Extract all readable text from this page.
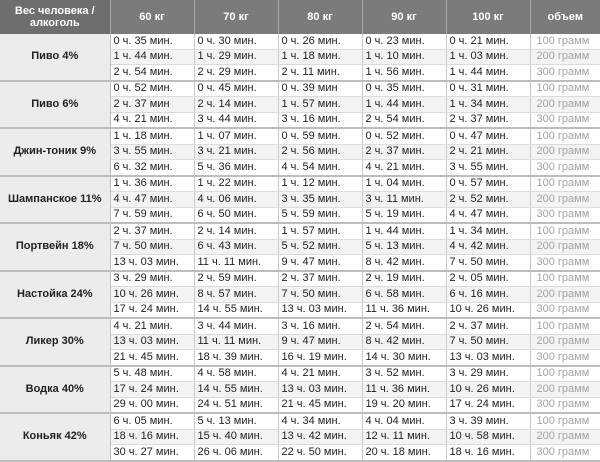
Вес человека / алкоголь	60 кг	70 кг	80 кг	90 кг	100 кг	объем
Пиво 4%	0 ч. 35 мин.	0 ч. 30 мин.	0 ч. 26 мин.	0 ч. 23 мин.	0 ч. 21 мин.	100 грамм
	1 ч. 44 мин.	1 ч. 29 мин.	1 ч. 18 мин.	1 ч. 10 мин.	1 ч. 03 мин.	200 грамм
	2 ч. 54 мин.	2 ч. 29 мин.	2 ч. 11 мин.	1 ч. 56 мин.	1 ч. 44 мин.	300 грамм
Пиво 6%	0 ч. 52 мин.	0 ч. 45 мин.	0 ч. 39 мин	0 ч. 35 мин.	0 ч. 31 мин.	100 грамм
	2 ч. 37 мин	2 ч. 14 мин.	1 ч. 57 мин.	1 ч. 44 мин.	1 ч. 34 мин.	200 грамм
	4 ч. 21 мин.	3 ч. 44 мин.	3 ч. 16 мин.	2 ч. 54 мин.	2 ч. 37 мин.	300 грамм
Джин-тоник 9%	1 ч. 18 мин.	1 ч. 07 мин.	0 ч. 59 мин.	0 ч. 52 мин.	0 ч. 47 мин.	100 грамм
	3 ч. 55 мин.	3 ч. 21 мин.	2 ч. 56 мин.	2 ч. 37 мин.	2 ч. 21 мин.	200 грамм
	6 ч. 32 мин.	5 ч. 36 мин.	4 ч. 54 мин.	4 ч. 21 мин.	3 ч. 55 мин.	300 грамм
Шампанское 11%	1 ч. 36 мин.	1 ч. 22 мин.	1 ч. 12 мин.	1 ч. 04 мин.	0 ч. 57 мин.	100 грамм
	4 ч. 47 мин.	4 ч. 06 мин.	3 ч. 35 мин.	3 ч. 11 мин.	2 ч. 52 мин.	200 грамм
	7 ч. 59 мин.	6 ч. 50 мин.	5 ч. 59 мин.	5 ч. 19 мин.	4 ч. 47 мин.	300 грамм
Портвейн 18%	2 ч. 37 мин.	2 ч. 14 мин.	1 ч. 57 мин.	1 ч. 44 мин.	1 ч. 34 мин.	100 грамм
	7 ч. 50 мин.	6 ч. 43 мин.	5 ч. 52 мин.	5 ч. 13 мин.	4 ч. 42 мин.	200 грамм
	13 ч. 03 мин.	11 ч. 11 мин.	9 ч. 47 мин.	8 ч. 42 мин.	7 ч. 50 мин.	300 грамм
Настойка 24%	3 ч. 29 мин.	2 ч. 59 мин.	2 ч. 37 мин.	2 ч. 19 мин.	2 ч. 05 мин.	100 грамм
	10 ч. 26 мин.	8 ч. 57 мин.	7 ч. 50 мин.	6 ч. 58 мин.	6 ч. 16 мин.	200 грамм
	17 ч. 24 мин.	14 ч. 55 мин.	13 ч. 03 мин.	11 ч. 36 мин.	10 ч. 26 мин.	300 грамм
Ликер 30%	4 ч. 21 мин.	3 ч. 44 мин.	3 ч. 16 мин.	2 ч. 54 мин.	2 ч. 37 мин.	100 грамм
	13 ч. 03 мин.	11 ч. 11 мин.	9 ч. 47 мин.	8 ч. 42 мин.	7 ч. 50 мин.	200 грамм
	21 ч. 45 мин.	18 ч. 39 мин.	16 ч. 19 мин.	14 ч. 30 мин.	13 ч. 03 мин.	300 грамм
Водка 40%	5 ч. 48 мин.	4 ч. 58 мин.	4 ч. 21 мин.	3 ч. 52 мин.	3 ч. 29 мин.	100 грамм
	17 ч. 24 мин.	14 ч. 55 мин.	13 ч. 03 мин.	11 ч. 36 мин.	10 ч. 26 мин.	200 грамм
	29 ч. 00 мин.	24 ч. 51 мин.	21 ч. 45 мин.	19 ч. 20 мин.	17 ч. 24 мин.	300 грамм
Коньяк 42%	6 ч. 05 мин.	5 ч. 13 мин.	4 ч. 34 мин.	4 ч. 04 мин.	3 ч. 39 мин.	100 грамм
	18 ч. 16 мин.	15 ч. 40 мин.	13 ч. 42 мин.	12 ч. 11 мин.	10 ч. 58 мин.	200 грамм
	30 ч. 27 мин.	26 ч. 06 мин.	22 ч. 50 мин.	20 ч. 18 мин.	18 ч. 16 мин.	300 грамм
